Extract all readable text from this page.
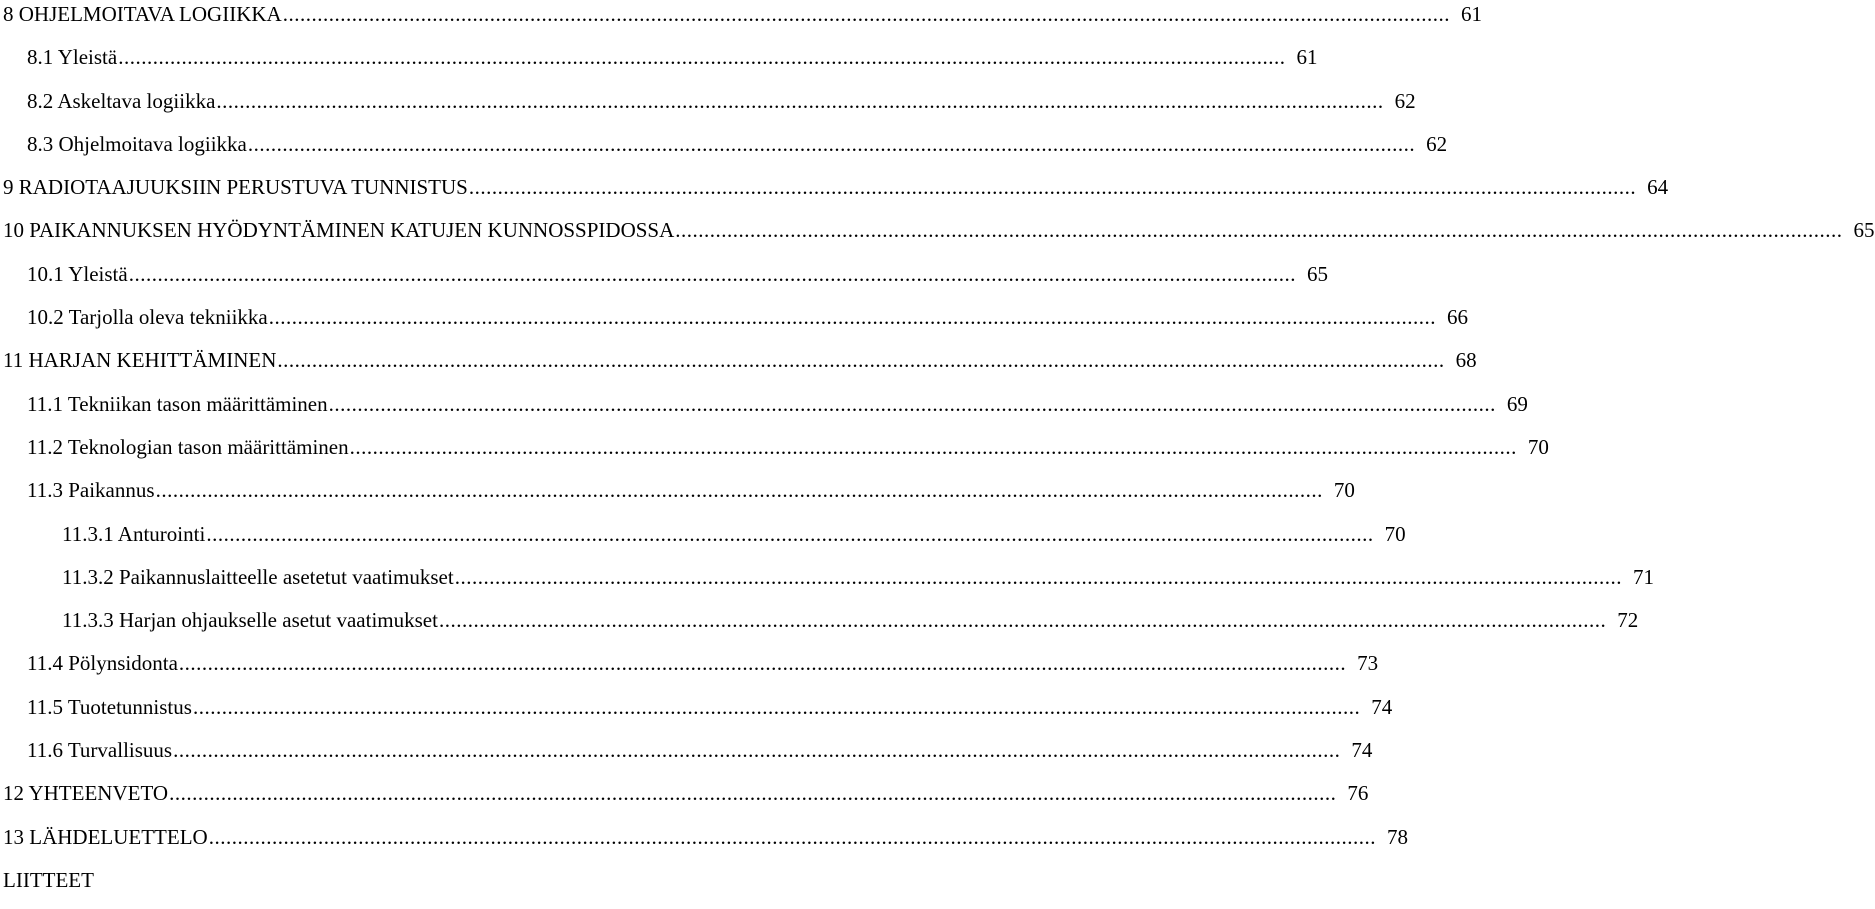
8 OHJELMOITAVA LOGIIKKA .....	61
8.1 Yleistä .....	61
8.2 Askeltava logiikka .....	62
8.3 Ohjelmoitava logiikka .....	62
9 RADIOTAAJUUKSIIN PERUSTUVA TUNNISTUS .....	64
10 PAIKANNUKSEN HYÖDYNTÄMINEN KATUJEN KUNNOSSPIDOSSA .....	65
10.1 Yleistä .....	65
10.2 Tarjolla oleva tekniikka .....	66
11 HARJAN KEHITTÄMINEN .....	68
11.1 Tekniikan tason määrittäminen .....	69
11.2 Teknologian tason määrittäminen .....	70
11.3 Paikannus .....	70
11.3.1 Anturointi .....	70
11.3.2 Paikannuslaitteelle asetetut vaatimukset .....	71
11.3.3 Harjan ohjaukselle asetut vaatimukset .....	72
11.4 Pölynsidonta .....	73
11.5 Tuotetunnistus .....	74
11.6 Turvallisuus .....	74
12 YHTEENVETO .....	76
13 LÄHDELUETTELO .....	78
LIITTEET
